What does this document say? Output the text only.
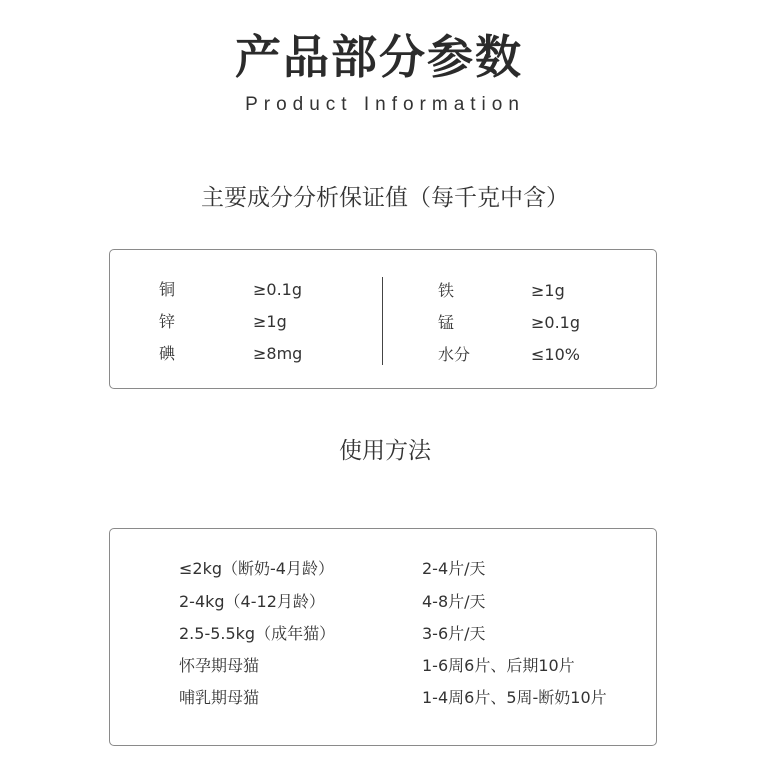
产品部分参数
Product Information
主要成分分析保证值（每千克中含）
铜	≥0.1g
锌	≥1g
碘	≥8mg
铁	≥1g
锰	≥0.1g
水分	≤10%
使用方法
≤2kg（断奶-4月龄）	2-4片/天
2-4kg（4-12月龄）	4-8片/天
2.5-5.5kg（成年猫）	3-6片/天
怀孕期母猫	1-6周6片、后期10片
哺乳期母猫	1-4周6片、5周-断奶10片
